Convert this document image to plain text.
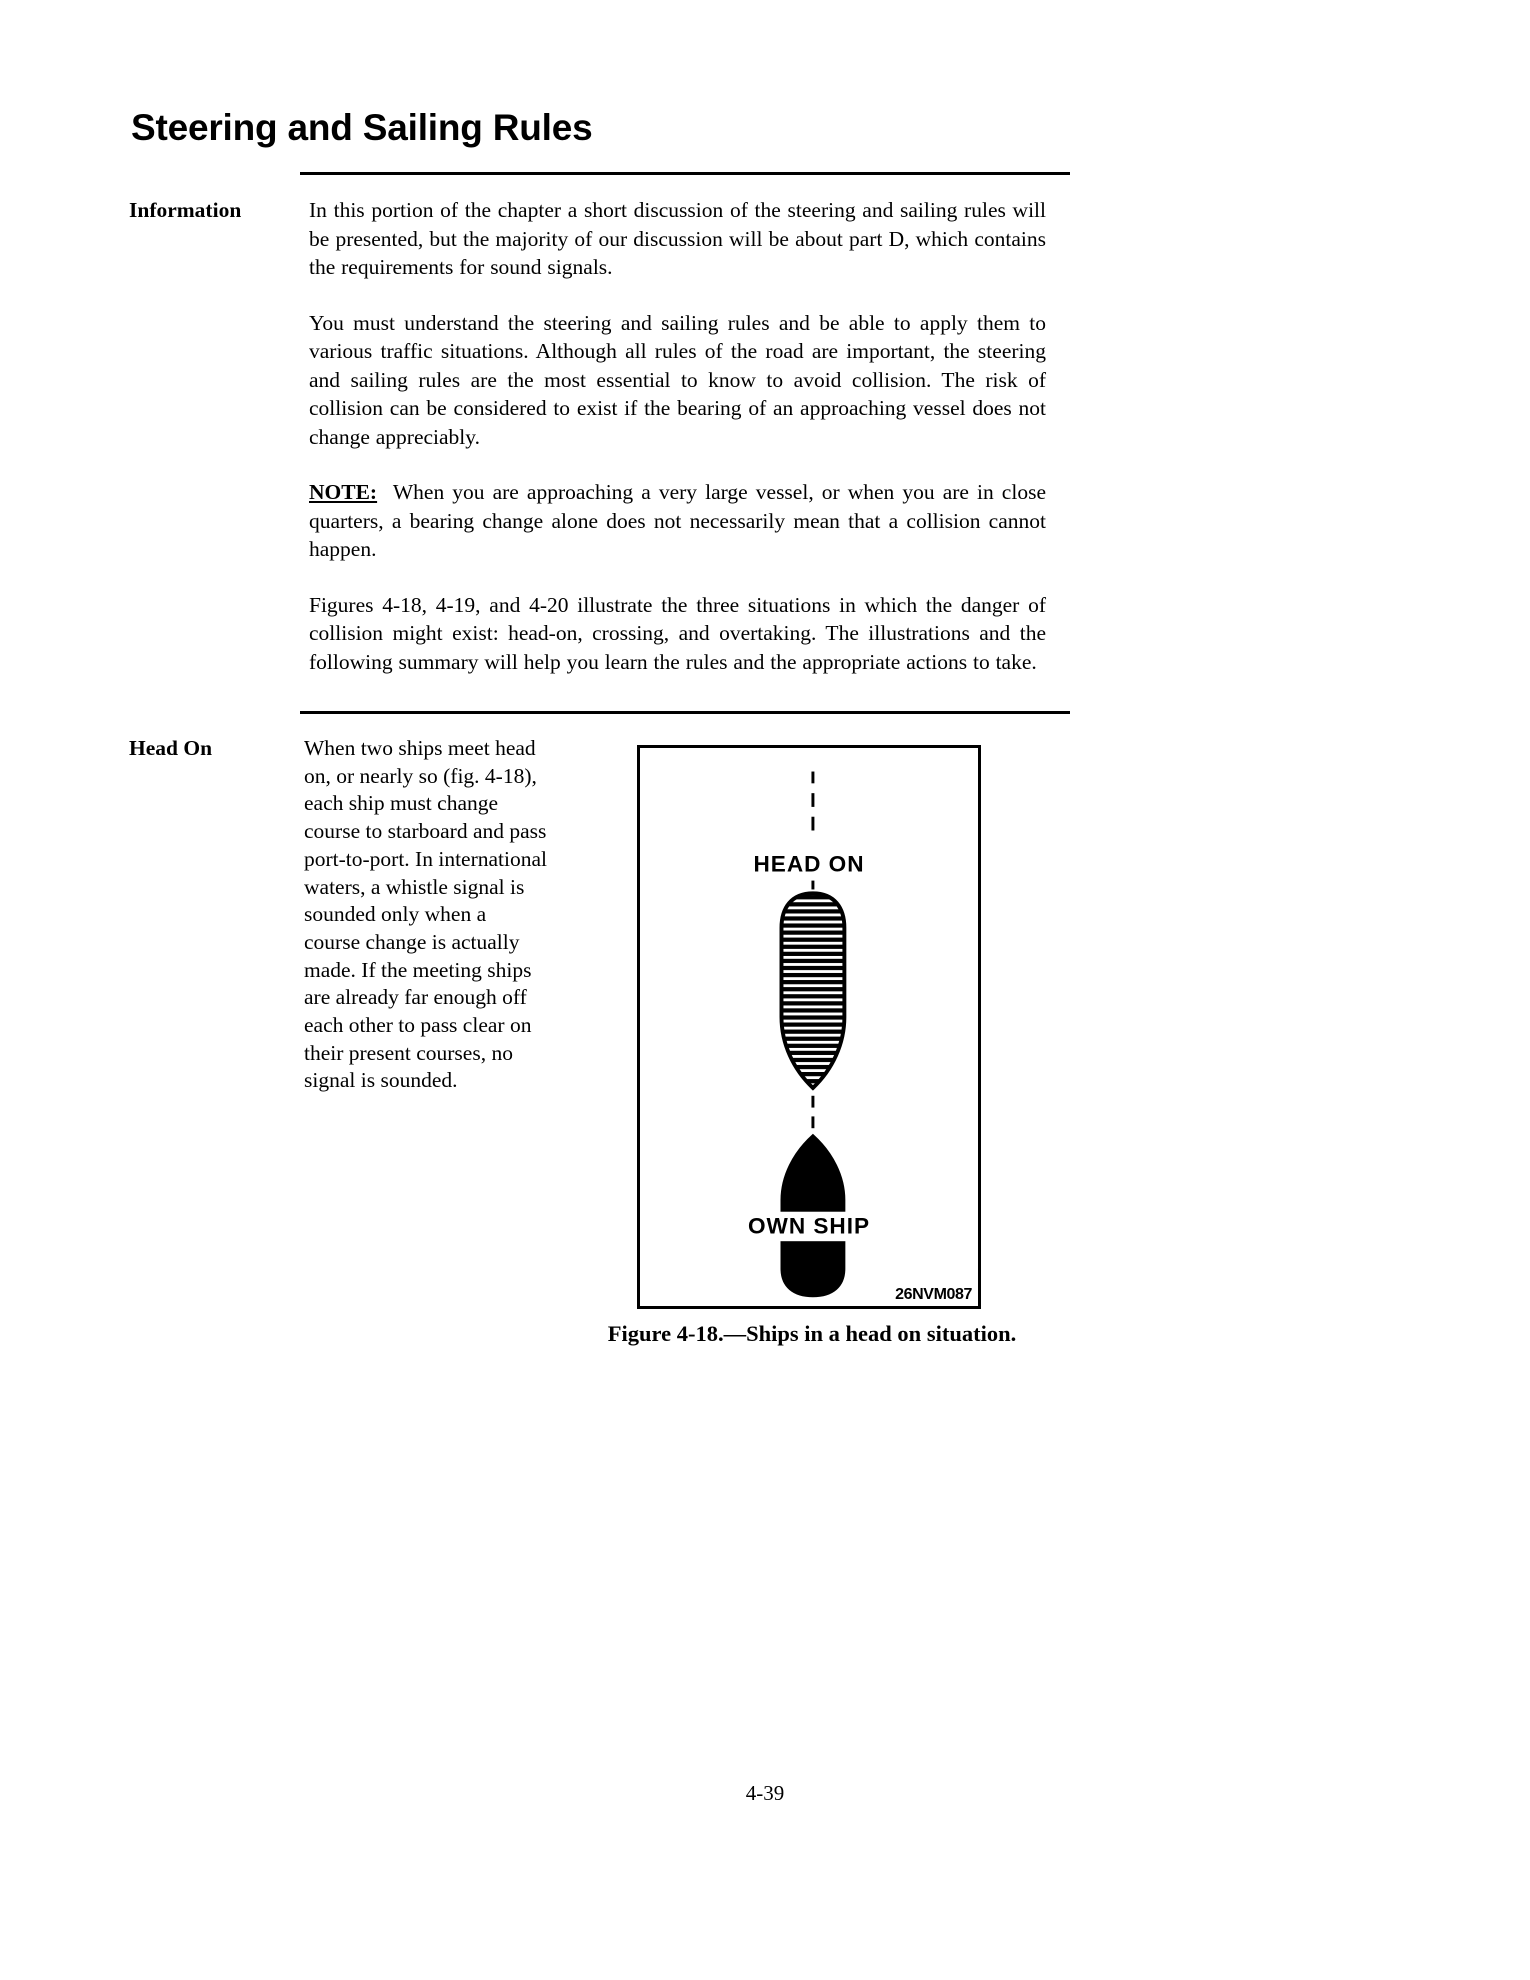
Steering and Sailing Rules
Information	In this portion of the chapter a short discussion of the steering and sailing rules will be presented, but the majority of our discussion will be about part D, which contains the requirements for sound signals.

You must understand the steering and sailing rules and be able to apply them to various traffic situations. Although all rules of the road are important, the steering and sailing rules are the most essential to know to avoid collision. The risk of collision can be considered to exist if the bearing of an approaching vessel does not change appreciably.

NOTE: When you are approaching a very large vessel, or when you are in close quarters, a bearing change alone does not necessarily mean that a collision cannot happen.

Figures 4-18, 4-19, and 4-20 illustrate the three situations in which the danger of collision might exist: head-on, crossing, and overtaking. The illustrations and the following summary will help you learn the rules and the appropriate actions to take.

Head On	When two ships meet head on, or nearly so (fig. 4-18), each ship must change course to starboard and pass port-to-port. In international waters, a whistle signal is sounded only when a course change is actually made. If the meeting ships are already far enough off each other to pass clear on their present courses, no signal is sounded.

HEAD ON
OWN SHIP
26NVM087
Figure 4-18.—Ships in a head on situation.
4-39
